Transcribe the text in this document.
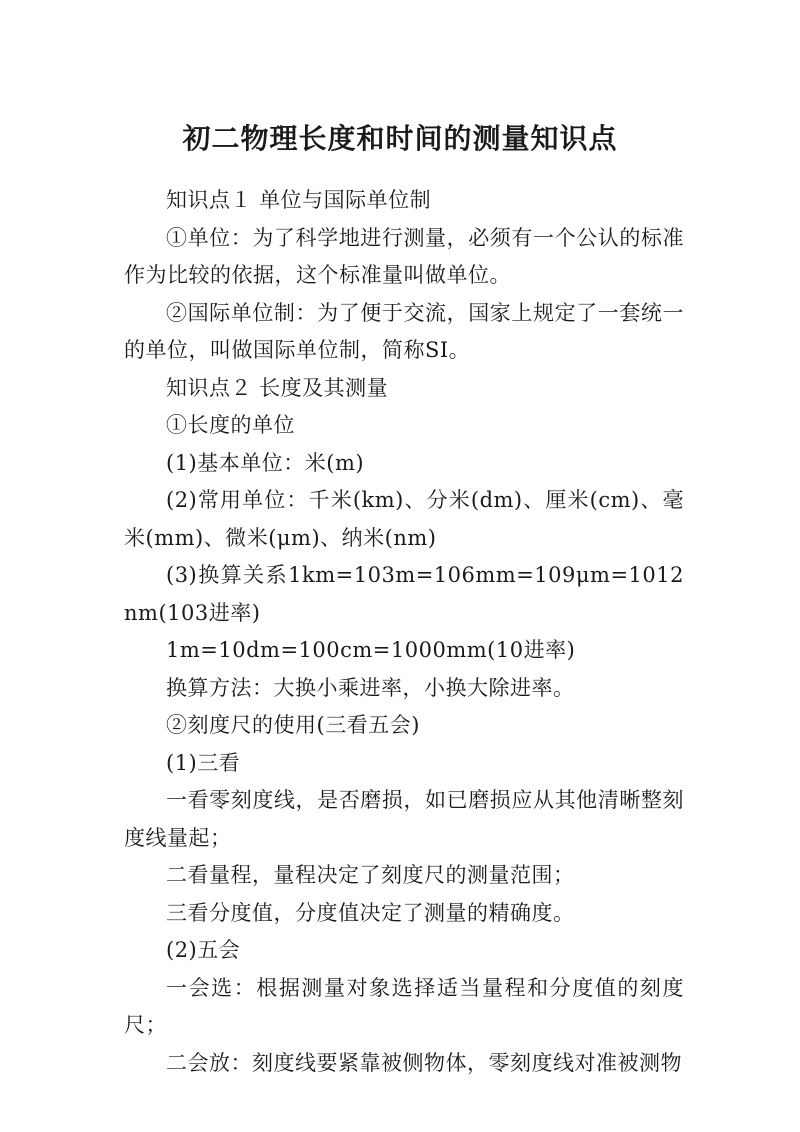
初二物理长度和时间的测量知识点

知识点１ 单位与国际单位制

①单位：为了科学地进行测量，必须有一个公认的标准作为比较的依据，这个标准量叫做单位。

②国际单位制：为了便于交流，国家上规定了一套统一的单位，叫做国际单位制，简称SI。

知识点２ 长度及其测量

①长度的单位

(1)基本单位：米(m)

(2)常用单位：千米(km)、分米(dm)、厘米(cm)、毫米(mm)、微米(μm)、纳米(nm)

(3)换算关系1km=103m=106mm=109μm=1012nm(103进率)

1m=10dm=100cm=1000mm(10进率)

换算方法：大换小乘进率，小换大除进率。

②刻度尺的使用(三看五会)

(1)三看

一看零刻度线，是否磨损，如已磨损应从其他清晰整刻度线量起；

二看量程，量程决定了刻度尺的测量范围；

三看分度值，分度值决定了测量的精确度。

(2)五会

一会选：根据测量对象选择适当量程和分度值的刻度尺；

二会放：刻度线要紧靠被侧物体，零刻度线对准被测物
